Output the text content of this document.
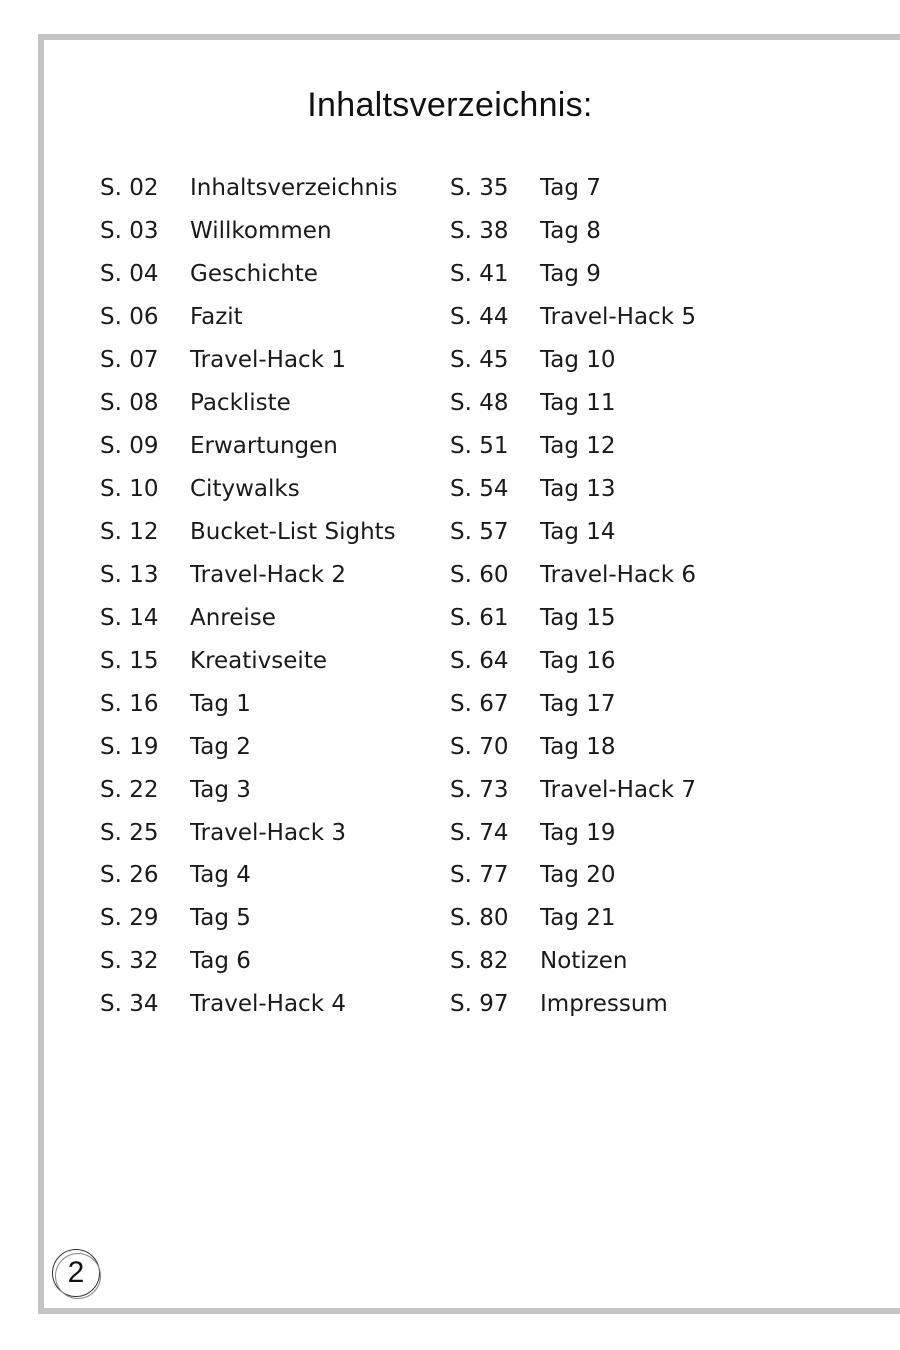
Inhaltsverzeichnis:
S. 02	Inhaltsverzeichnis
S. 03	Willkommen
S. 04	Geschichte
S. 06	Fazit
S. 07	Travel-Hack 1
S. 08	Packliste
S. 09	Erwartungen
S. 10	Citywalks
S. 12	Bucket-List Sights
S. 13	Travel-Hack 2
S. 14	Anreise
S. 15	Kreativseite
S. 16	Tag 1
S. 19	Tag 2
S. 22	Tag 3
S. 25	Travel-Hack 3
S. 26	Tag 4
S. 29	Tag 5
S. 32	Tag 6
S. 34	Travel-Hack 4
S. 35	Tag 7
S. 38	Tag 8
S. 41	Tag 9
S. 44	Travel-Hack 5
S. 45	Tag 10
S. 48	Tag 11
S. 51	Tag 12
S. 54	Tag 13
S. 57	Tag 14
S. 60	Travel-Hack 6
S. 61	Tag 15
S. 64	Tag 16
S. 67	Tag 17
S. 70	Tag 18
S. 73	Travel-Hack 7
S. 74	Tag 19
S. 77	Tag 20
S. 80	Tag 21
S. 82	Notizen
S. 97	Impressum
2
